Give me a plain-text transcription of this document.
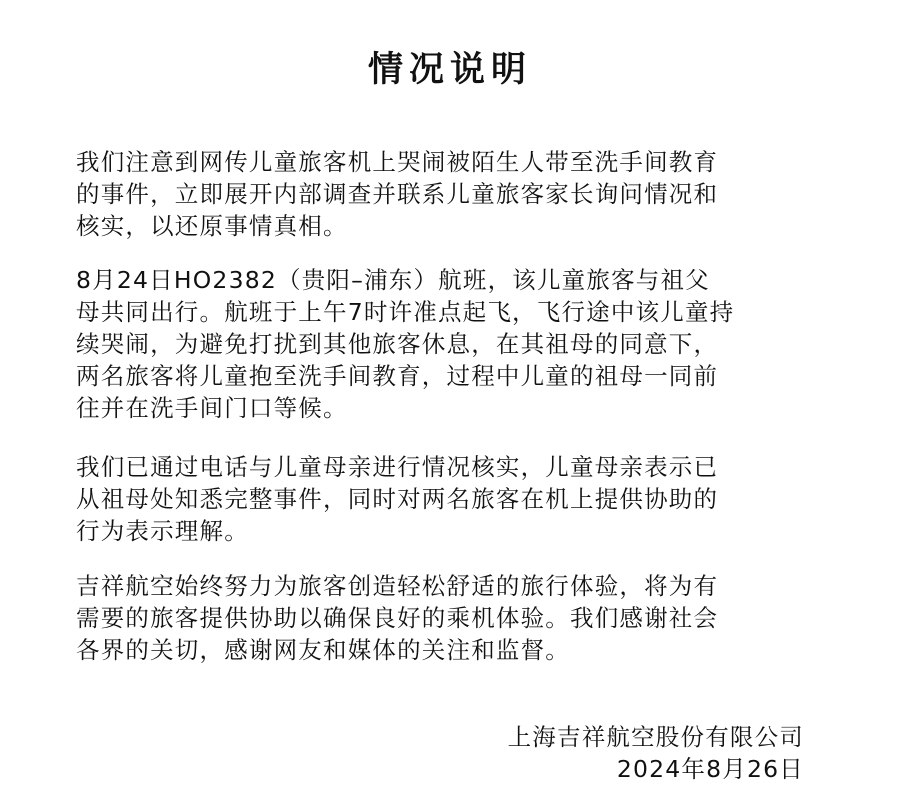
情况说明
我们注意到网传儿童旅客机上哭闹被陌生人带至洗手间教育
的事件，立即展开内部调查并联系儿童旅客家长询问情况和
核实，以还原事情真相。
8月24日HO2382（贵阳–浦东）航班，该儿童旅客与祖父
母共同出行。航班于上午7时许准点起飞，飞行途中该儿童持
续哭闹，为避免打扰到其他旅客休息，在其祖母的同意下，
两名旅客将儿童抱至洗手间教育，过程中儿童的祖母一同前
往并在洗手间门口等候。
我们已通过电话与儿童母亲进行情况核实，儿童母亲表示已
从祖母处知悉完整事件，同时对两名旅客在机上提供协助的
行为表示理解。
吉祥航空始终努力为旅客创造轻松舒适的旅行体验，将为有
需要的旅客提供协助以确保良好的乘机体验。我们感谢社会
各界的关切，感谢网友和媒体的关注和监督。
上海吉祥航空股份有限公司
2024年8月26日
